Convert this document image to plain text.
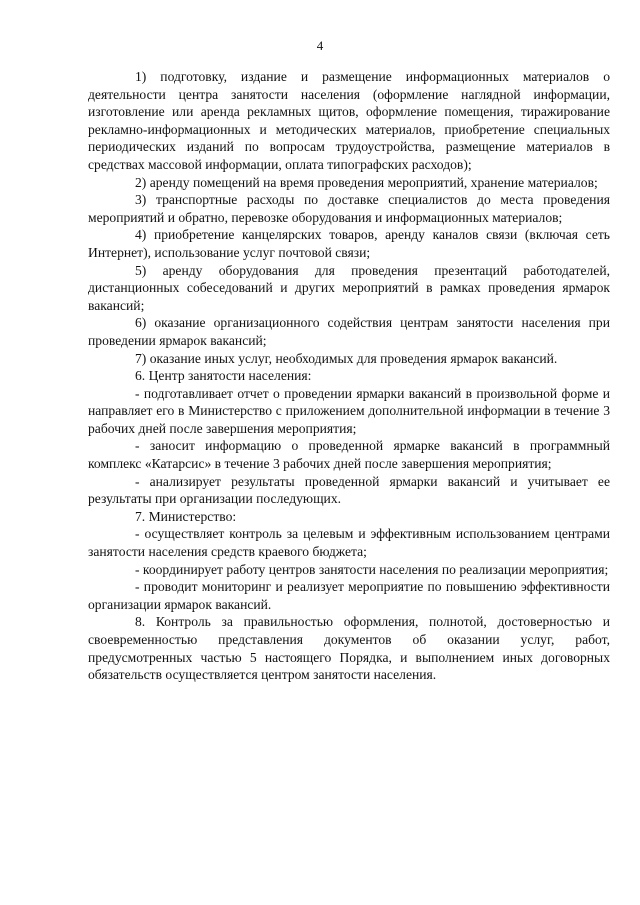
4

1) подготовку, издание и размещение информационных материалов о деятельности центра занятости населения (оформление наглядной информации, изготовление или аренда рекламных щитов, оформление помещения, тиражирование рекламно-информационных и методических материалов, приобретение специальных периодических изданий по вопросам трудоустройства, размещение материалов в средствах массовой информации, оплата типографских расходов);

2) аренду помещений на время проведения мероприятий, хранение материалов;

3) транспортные расходы по доставке специалистов до места проведения мероприятий и обратно, перевозке оборудования и информационных материалов;

4) приобретение канцелярских товаров, аренду каналов связи (включая сеть Интернет), использование услуг почтовой связи;

5) аренду оборудования для проведения презентаций работодателей, дистанционных собеседований и других мероприятий в рамках проведения ярмарок вакансий;

6) оказание организационного содействия центрам занятости населения при проведении ярмарок вакансий;

7) оказание иных услуг, необходимых для проведения ярмарок вакансий.

6. Центр занятости населения:

- подготавливает отчет о проведении ярмарки вакансий в произвольной форме и направляет его в Министерство с приложением дополнительной информации в течение 3 рабочих дней после завершения мероприятия;

- заносит информацию о проведенной ярмарке вакансий в программный комплекс «Катарсис» в течение 3 рабочих дней после завершения мероприятия;

- анализирует результаты проведенной ярмарки вакансий и учитывает ее результаты при организации последующих.

7. Министерство:

- осуществляет контроль за целевым и эффективным использованием центрами занятости населения средств краевого бюджета;

- координирует работу центров занятости населения по реализации мероприятия;

- проводит мониторинг и реализует мероприятие по повышению эффективности организации ярмарок вакансий.

8. Контроль за правильностью оформления, полнотой, достоверностью и своевременностью представления документов об оказании услуг, работ, предусмотренных частью 5 настоящего Порядка, и выполнением иных договорных обязательств осуществляется центром занятости населения.
